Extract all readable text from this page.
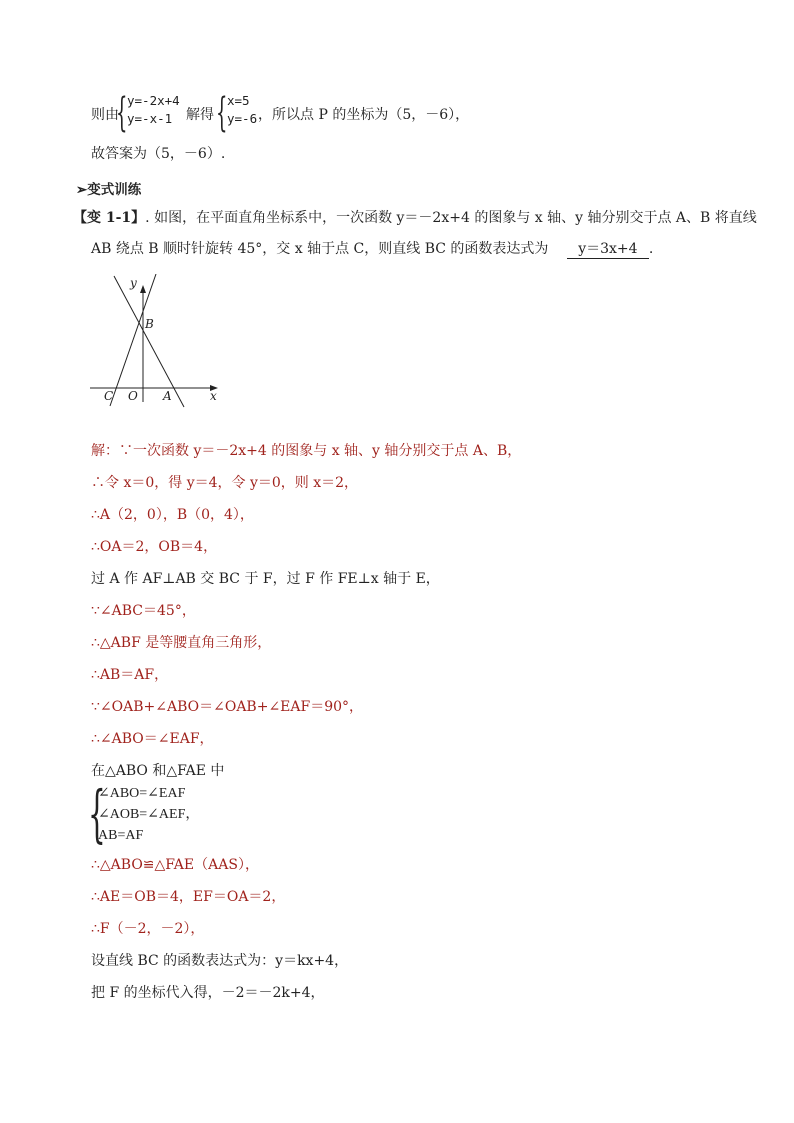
则由
{ y=-2x+4
y=-x-1 解得 { x=5
y=-6 ，所以点 P 的坐标为（5，－6），
故答案为（5，－6）.
➢变式训练
【变 1-1】. 如图，在平面直角坐标系中，一次函数 y＝－2x+4 的图象与 x 轴、y 轴分别交于点 A、B 将直线
AB 绕点 B 顺时针旋转 45°，交 x 轴于点 C，则直线 BC 的函数表达式为 y＝3x+4 .
y
B
C O A	x
解：∵一次函数 y＝－2x+4 的图象与 x 轴、y 轴分别交于点 A、B，
∴令 x＝0，得 y＝4，令 y＝0，则 x＝2，
∴A（2，0），B（0，4），
∴OA＝2，OB＝4，
过 A 作 AF⊥AB 交 BC 于 F，过 F 作 FE⊥x 轴于 E，
∵∠ABC＝45°，
∴△ABF 是等腰直角三角形，
∴AB＝AF，
∵∠OAB+∠ABO＝∠OAB+∠EAF＝90°，
∴∠ABO＝∠EAF，
在△ABO 和△FAE 中
{
∠ABO=∠EAF
∠AOB=∠AEF，
AB=AF
∴△ABO≌△FAE（AAS），
∴AE＝OB＝4，EF＝OA＝2，
∴F（－2，－2），
设直线 BC 的函数表达式为：y＝kx+4，
把 F 的坐标代入得，－2＝－2k+4，
